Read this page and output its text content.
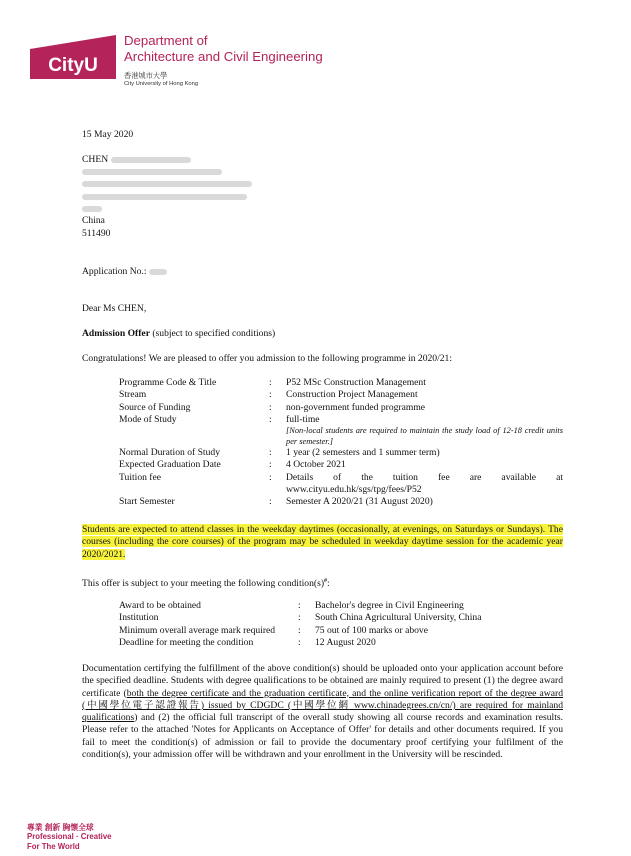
CityU
Department of
Architecture and Civil Engineering
香港城市大學
City University of Hong Kong
15 May 2020
CHEN
China
511490
Application No.:
Dear Ms CHEN,
Admission Offer (subject to specified conditions)
Congratulations! We are pleased to offer you admission to the following programme in 2020/21:
Programme Code & Title	:	P52 MSc Construction Management

Stream	:	Construction Project Management

Source of Funding	:	non-government funded programme

Mode of Study	:	full-time
[Non-local students are required to maintain the study load of 12-18 credit units per semester.]

Normal Duration of Study	:	1 year (2 semesters and 1 summer term)

Expected Graduation Date	:	4 October 2021

Tuition fee	:	Details of the tuition fee are available at www.cityu.edu.hk/sgs/tpg/fees/P52

Start Semester	:	Semester A 2020/21 (31 August 2020)
Students are expected to attend classes in the weekday daytimes (occasionally, at evenings, on Saturdays or Sundays). The courses (including the core courses) of the program may be scheduled in weekday daytime session for the academic year 2020/2021.
This offer is subject to your meeting the following condition(s)#:
Award to be obtained	:	Bachelor's degree in Civil Engineering
Institution	:	South China Agricultural University, China
Minimum overall average mark required	:	75 out of 100 marks or above
Deadline for meeting the condition	:	12 August 2020
Documentation certifying the fulfillment of the above condition(s) should be uploaded onto your application account before the specified deadline. Students with degree qualifications to be obtained are mainly required to present (1) the degree award certificate (both the degree certificate and the graduation certificate, and the online verification report of the degree award (中國學位電子認證報告) issued by CDGDC (中國學位網 www.chinadegrees.cn/cn/) are required for mainland qualifications) and (2) the official full transcript of the overall study showing all course records and examination results. Please refer to the attached 'Notes for Applicants on Acceptance of Offer' for details and other documents required. If you fail to meet the condition(s) of admission or fail to provide the documentary proof certifying your fulfilment of the condition(s), your admission offer will be withdrawn and your enrollment in the University will be rescinded.
專業 創新 胸懷全球
Professional · Creative
For The World
